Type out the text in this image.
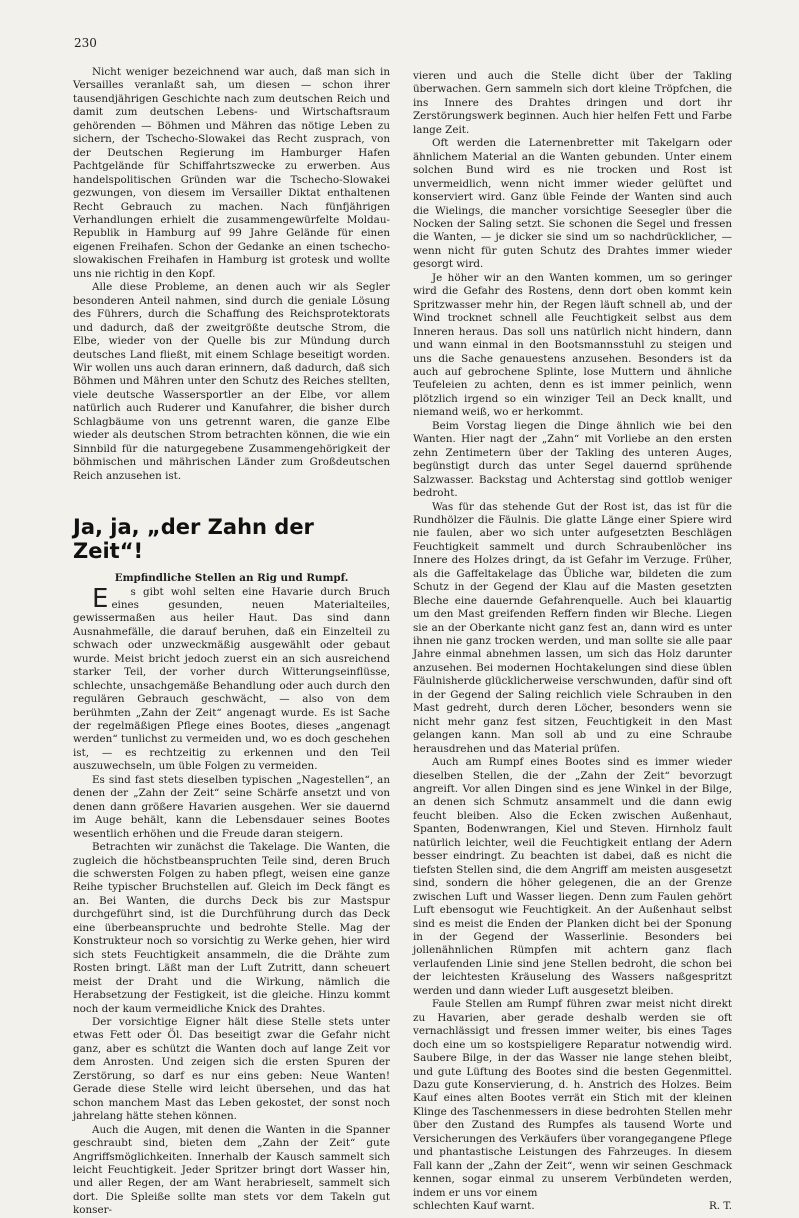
230

Nicht weniger bezeichnend war auch, daß man sich in Versailles veranlaßt sah, um diesen — schon ihrer tausendjährigen Geschichte nach zum deutschen Reich und damit zum deutschen Lebens- und Wirtschaftsraum gehörenden — Böhmen und Mähren das nötige Leben zu sichern, der Tschecho-Slowakei das Recht zusprach, von der Deutschen Regierung im Hamburger Hafen Pachtgelände für Schiffahrtszwecke zu erwerben. Aus handelspolitischen Gründen war die Tschecho-Slowakei gezwungen, von diesem im Versailler Diktat enthaltenen Recht Gebrauch zu machen. Nach fünfjährigen Verhandlungen erhielt die zusammengewürfelte Moldau-Republik in Hamburg auf 99 Jahre Gelände für einen eigenen Freihafen. Schon der Gedanke an einen tschecho-slowakischen Freihafen in Hamburg ist grotesk und wollte uns nie richtig in den Kopf.

Alle diese Probleme, an denen auch wir als Segler besonderen Anteil nahmen, sind durch die geniale Lösung des Führers, durch die Schaffung des Reichsprotektorats und dadurch, daß der zweitgrößte deutsche Strom, die Elbe, wieder von der Quelle bis zur Mündung durch deutsches Land fließt, mit einem Schlage beseitigt worden. Wir wollen uns auch daran erinnern, daß dadurch, daß sich Böhmen und Mähren unter den Schutz des Reiches stellten, viele deutsche Wassersportler an der Elbe, vor allem natürlich auch Ruderer und Kanufahrer, die bisher durch Schlagbäume von uns getrennt waren, die ganze Elbe wieder als deutschen Strom betrachten können, die wie ein Sinnbild für die naturgegebene Zusammengehörigkeit der böhmischen und mährischen Länder zum Großdeutschen Reich anzusehen ist.

Ja, ja, „der Zahn der Zeit“!

Empfindliche Stellen an Rig und Rumpf.

E s gibt wohl selten eine Havarie durch Bruch eines gesunden, neuen Materialteiles, gewissermaßen aus heiler Haut. Das sind dann Ausnahmefälle, die darauf beruhen, daß ein Einzelteil zu schwach oder unzweckmäßig ausgewählt oder gebaut wurde. Meist bricht jedoch zuerst ein an sich ausreichend starker Teil, der vorher durch Witterungseinflüsse, schlechte, unsachgemäße Behandlung oder auch durch den regulären Gebrauch geschwächt, — also von dem berühmten „Zahn der Zeit“ angenagt wurde. Es ist Sache der regelmäßigen Pflege eines Bootes, dieses „angenagt werden“ tunlichst zu vermeiden und, wo es doch geschehen ist, — es rechtzeitig zu erkennen und den Teil auszuwechseln, um üble Folgen zu vermeiden.

Es sind fast stets dieselben typischen „Nagestellen“, an denen der „Zahn der Zeit“ seine Schärfe ansetzt und von denen dann größere Havarien ausgehen. Wer sie dauernd im Auge behält, kann die Lebensdauer seines Bootes wesentlich erhöhen und die Freude daran steigern.

Betrachten wir zunächst die Takelage. Die Wanten, die zugleich die höchstbeanspruchten Teile sind, deren Bruch die schwersten Folgen zu haben pflegt, weisen eine ganze Reihe typischer Bruchstellen auf. Gleich im Deck fängt es an. Bei Wanten, die durchs Deck bis zur Mastspur durchgeführt sind, ist die Durchführung durch das Deck eine überbeanspruchte und bedrohte Stelle. Mag der Konstrukteur noch so vorsichtig zu Werke gehen, hier wird sich stets Feuchtigkeit ansammeln, die die Drähte zum Rosten bringt. Läßt man der Luft Zutritt, dann scheuert meist der Draht und die Wirkung, nämlich die Herabsetzung der Festigkeit, ist die gleiche. Hinzu kommt noch der kaum vermeidliche Knick des Drahtes.

Der vorsichtige Eigner hält diese Stelle stets unter etwas Fett oder Öl. Das beseitigt zwar die Gefahr nicht ganz, aber es schützt die Wanten doch auf lange Zeit vor dem Anrosten. Und zeigen sich die ersten Spuren der Zerstörung, so darf es nur eins geben: Neue Wanten! Gerade diese Stelle wird leicht übersehen, und das hat schon manchem Mast das Leben gekostet, der sonst noch jahrelang hätte stehen können.

Auch die Augen, mit denen die Wanten in die Spanner geschraubt sind, bieten dem „Zahn der Zeit“ gute Angriffsmöglichkeiten. Innerhalb der Kausch sammelt sich leicht Feuchtigkeit. Jeder Spritzer bringt dort Wasser hin, und aller Regen, der am Want herabrieselt, sammelt sich dort. Die Spleiße sollte man stets vor dem Takeln gut konser-

vieren und auch die Stelle dicht über der Takling überwachen. Gern sammeln sich dort kleine Tröpfchen, die ins Innere des Drahtes dringen und dort ihr Zerstörungswerk beginnen. Auch hier helfen Fett und Farbe lange Zeit.

Oft werden die Laternenbretter mit Takelgarn oder ähnlichem Material an die Wanten gebunden. Unter einem solchen Bund wird es nie trocken und Rost ist unvermeidlich, wenn nicht immer wieder gelüftet und konserviert wird. Ganz üble Feinde der Wanten sind auch die Wielings, die mancher vorsichtige Seesegler über die Nocken der Saling setzt. Sie schonen die Segel und fressen die Wanten, — je dicker sie sind um so nachdrücklicher, — wenn nicht für guten Schutz des Drahtes immer wieder gesorgt wird.

Je höher wir an den Wanten kommen, um so geringer wird die Gefahr des Rostens, denn dort oben kommt kein Spritzwasser mehr hin, der Regen läuft schnell ab, und der Wind trocknet schnell alle Feuchtigkeit selbst aus dem Inneren heraus. Das soll uns natürlich nicht hindern, dann und wann einmal in den Bootsmannsstuhl zu steigen und uns die Sache genauestens anzusehen. Besonders ist da auch auf gebrochene Splinte, lose Muttern und ähnliche Teufeleien zu achten, denn es ist immer peinlich, wenn plötzlich irgend so ein winziger Teil an Deck knallt, und niemand weiß, wo er herkommt.

Beim Vorstag liegen die Dinge ähnlich wie bei den Wanten. Hier nagt der „Zahn“ mit Vorliebe an den ersten zehn Zentimetern über der Takling des unteren Auges, begünstigt durch das unter Segel dauernd sprühende Salzwasser. Backstag und Achterstag sind gottlob weniger bedroht.

Was für das stehende Gut der Rost ist, das ist für die Rundhölzer die Fäulnis. Die glatte Länge einer Spiere wird nie faulen, aber wo sich unter aufgesetzten Beschlägen Feuchtigkeit sammelt und durch Schraubenlöcher ins Innere des Holzes dringt, da ist Gefahr im Verzuge. Früher, als die Gaffeltakelage das Übliche war, bildeten die zum Schutz in der Gegend der Klau auf die Masten gesetzten Bleche eine dauernde Gefahrenquelle. Auch bei klauartig um den Mast greifenden Reffern finden wir Bleche. Liegen sie an der Oberkante nicht ganz fest an, dann wird es unter ihnen nie ganz trocken werden, und man sollte sie alle paar Jahre einmal abnehmen lassen, um sich das Holz darunter anzusehen. Bei modernen Hochtakelungen sind diese üblen Fäulnisherde glücklicherweise verschwunden, dafür sind oft in der Gegend der Saling reichlich viele Schrauben in den Mast gedreht, durch deren Löcher, besonders wenn sie nicht mehr ganz fest sitzen, Feuchtigkeit in den Mast gelangen kann. Man soll ab und zu eine Schraube herausdrehen und das Material prüfen.

Auch am Rumpf eines Bootes sind es immer wieder dieselben Stellen, die der „Zahn der Zeit“ bevorzugt angreift. Vor allen Dingen sind es jene Winkel in der Bilge, an denen sich Schmutz ansammelt und die dann ewig feucht bleiben. Also die Ecken zwischen Außenhaut, Spanten, Bodenwrangen, Kiel und Steven. Hirnholz fault natürlich leichter, weil die Feuchtigkeit entlang der Adern besser eindringt. Zu beachten ist dabei, daß es nicht die tiefsten Stellen sind, die dem Angriff am meisten ausgesetzt sind, sondern die höher gelegenen, die an der Grenze zwischen Luft und Wasser liegen. Denn zum Faulen gehört Luft ebensogut wie Feuchtigkeit. An der Außenhaut selbst sind es meist die Enden der Planken dicht bei der Sponung in der Gegend der Wasserlinie. Besonders bei jollenähnlichen Rümpfen mit achtern ganz flach verlaufenden Linie sind jene Stellen bedroht, die schon bei der leichtesten Kräuselung des Wassers naßgespritzt werden und dann wieder Luft ausgesetzt bleiben.

Faule Stellen am Rumpf führen zwar meist nicht direkt zu Havarien, aber gerade deshalb werden sie oft vernachlässigt und fressen immer weiter, bis eines Tages doch eine um so kostspieligere Reparatur notwendig wird. Saubere Bilge, in der das Wasser nie lange stehen bleibt, und gute Lüftung des Bootes sind die besten Gegenmittel. Dazu gute Konservierung, d. h. Anstrich des Holzes. Beim Kauf eines alten Bootes verrät ein Stich mit der kleinen Klinge des Taschenmessers in diese bedrohten Stellen mehr über den Zustand des Rumpfes als tausend Worte und Versicherungen des Verkäufers über vorangegangene Pflege und phantastische Leistungen des Fahrzeuges. In diesem Fall kann der „Zahn der Zeit“, wenn wir seinen Geschmack kennen, sogar einmal zu unserem Verbündeten werden, indem er uns vor einem

schlechten Kauf warnt.	R. T.
